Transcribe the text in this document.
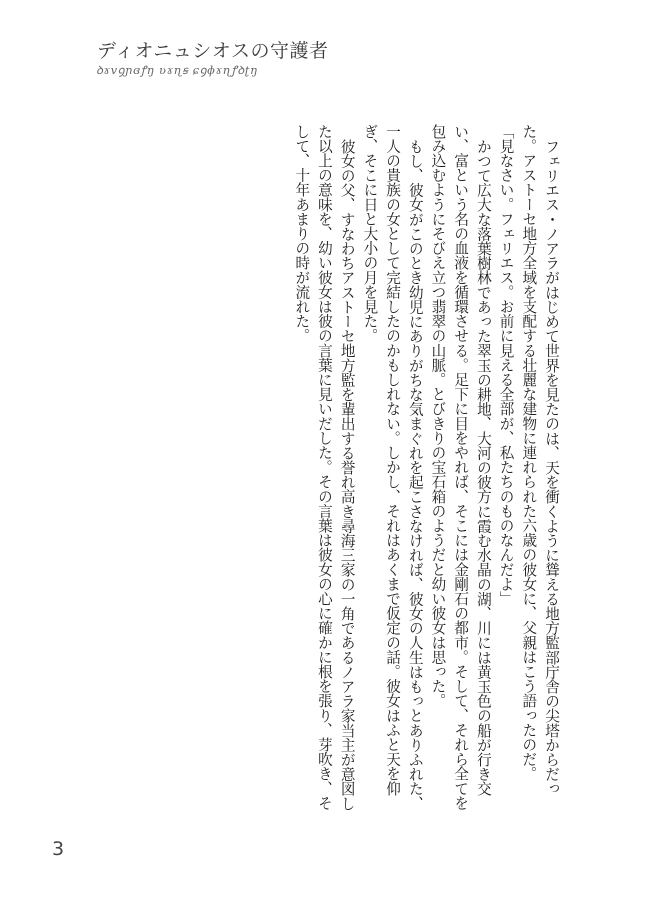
ディオニュシオスの守護者
ꝺɤvꝯɲɞꝭŋ ʋɤɳꞩ ɕꝯɸɤɳꝭꝺʈŋ

フェリエス・ノアラがはじめて世界を見たのは、天を衝くように聳える地方監部庁舎の尖塔からだった。アストーセ地方全域を支配する壮麗な建物に連れられた六歳の彼女に、父親はこう語ったのだ。

「見なさい。フェリエス。お前に見える全部が、私たちのものなんだよ」

かつて広大な落葉樹林であった翠玉の耕地、大河の彼方に霞む水晶の湖、川には黄玉色の船が行き交い、富という名の血液を循環させる。足下に目をやれば、そこには金剛石の都市。そして、それら全てを包み込むようにそびえ立つ翡翠の山脈。とびきりの宝石箱のようだと幼い彼女は思った。

もし、彼女がこのとき幼児にありがちな気まぐれを起こさなければ、彼女の人生はもっとありふれた、一人の貴族の女として完結したのかもしれない。しかし、それはあくまで仮定の話。彼女はふと天を仰ぎ、そこに日と大小の月を見た。

彼女の父、すなわちアストーセ地方監を輩出する誉れ高き尋海三家の一角であるノアラ家当主が意図した以上の意味を、幼い彼女は彼の言葉に見いだした。その言葉は彼女の心に確かに根を張り、芽吹き、そして、十年あまりの時が流れた。

3
